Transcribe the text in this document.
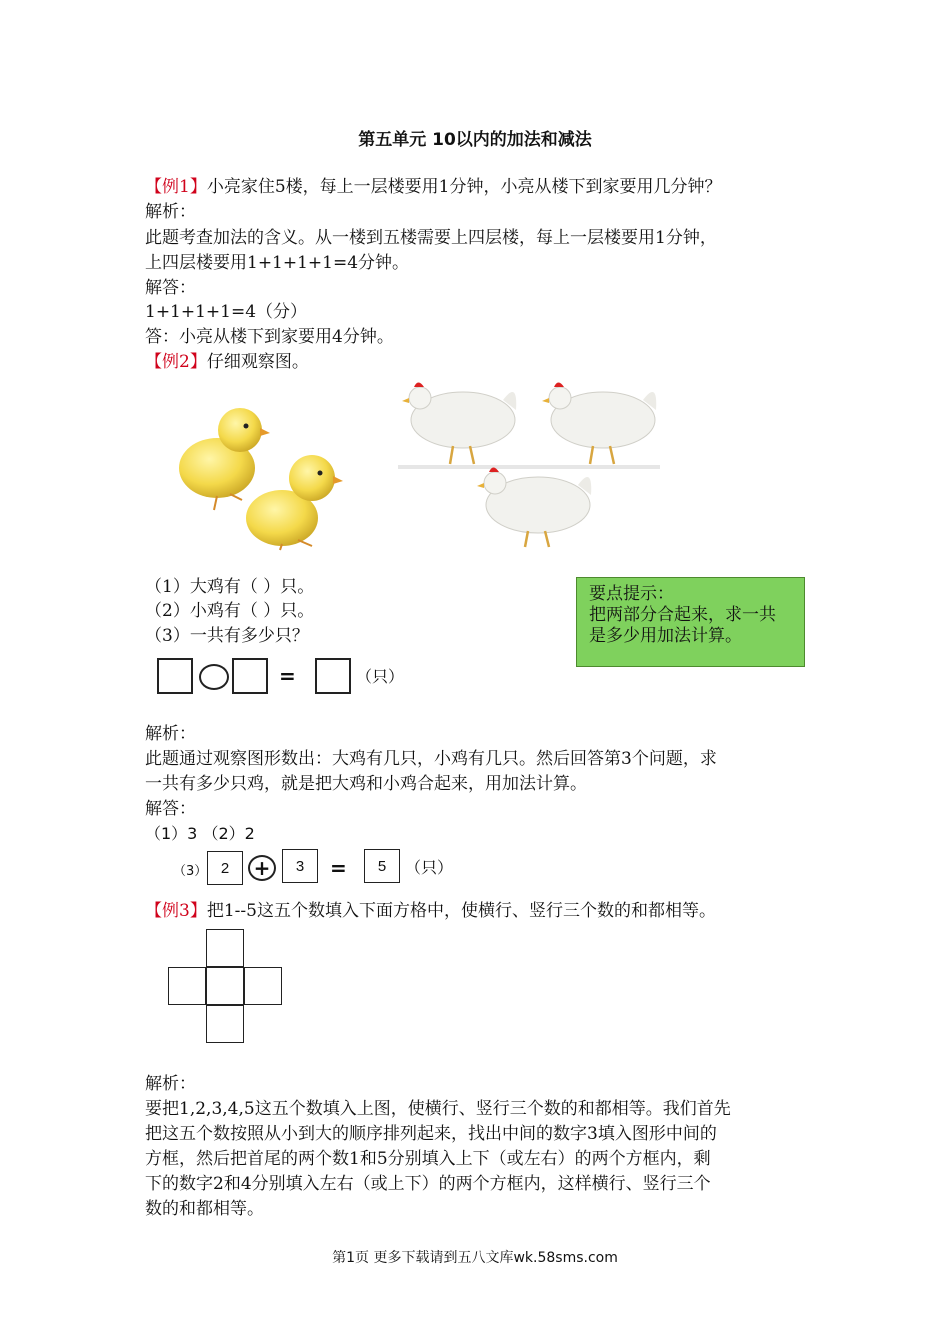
第五单元 10以内的加法和减法
【例1】小亮家住5楼，每上一层楼要用1分钟，小亮从楼下到家要用几分钟？
解析：
此题考查加法的含义。从一楼到五楼需要上四层楼，每上一层楼要用1分钟，
上四层楼要用1+1+1+1=4分钟。
解答：
1+1+1+1=4（分）
答：小亮从楼下到家要用4分钟。
【例2】仔细观察图。
（1）大鸡有（ ）只。
（2）小鸡有（ ）只。
（3）一共有多少只？
要点提示：
把两部分合起来，求一共是多少用加法计算。
=	（只）
解析：
此题通过观察图形数出：大鸡有几只，小鸡有几只。然后回答第3个问题，求
一共有多少只鸡，就是把大鸡和小鸡合起来，用加法计算。
解答：
（1）3 （2）2
（3） 2	+	3	=	5	（只）
【例3】把1--5这五个数填入下面方格中，使横行、竖行三个数的和都相等。
解析：
要把1,2,3,4,5这五个数填入上图，使横行、竖行三个数的和都相等。我们首先
把这五个数按照从小到大的顺序排列起来，找出中间的数字3填入图形中间的
方框，然后把首尾的两个数1和5分别填入上下（或左右）的两个方框内，剩
下的数字2和4分别填入左右（或上下）的两个方框内，这样横行、竖行三个
数的和都相等。
第1页 更多下载请到五八文库wk.58sms.com
